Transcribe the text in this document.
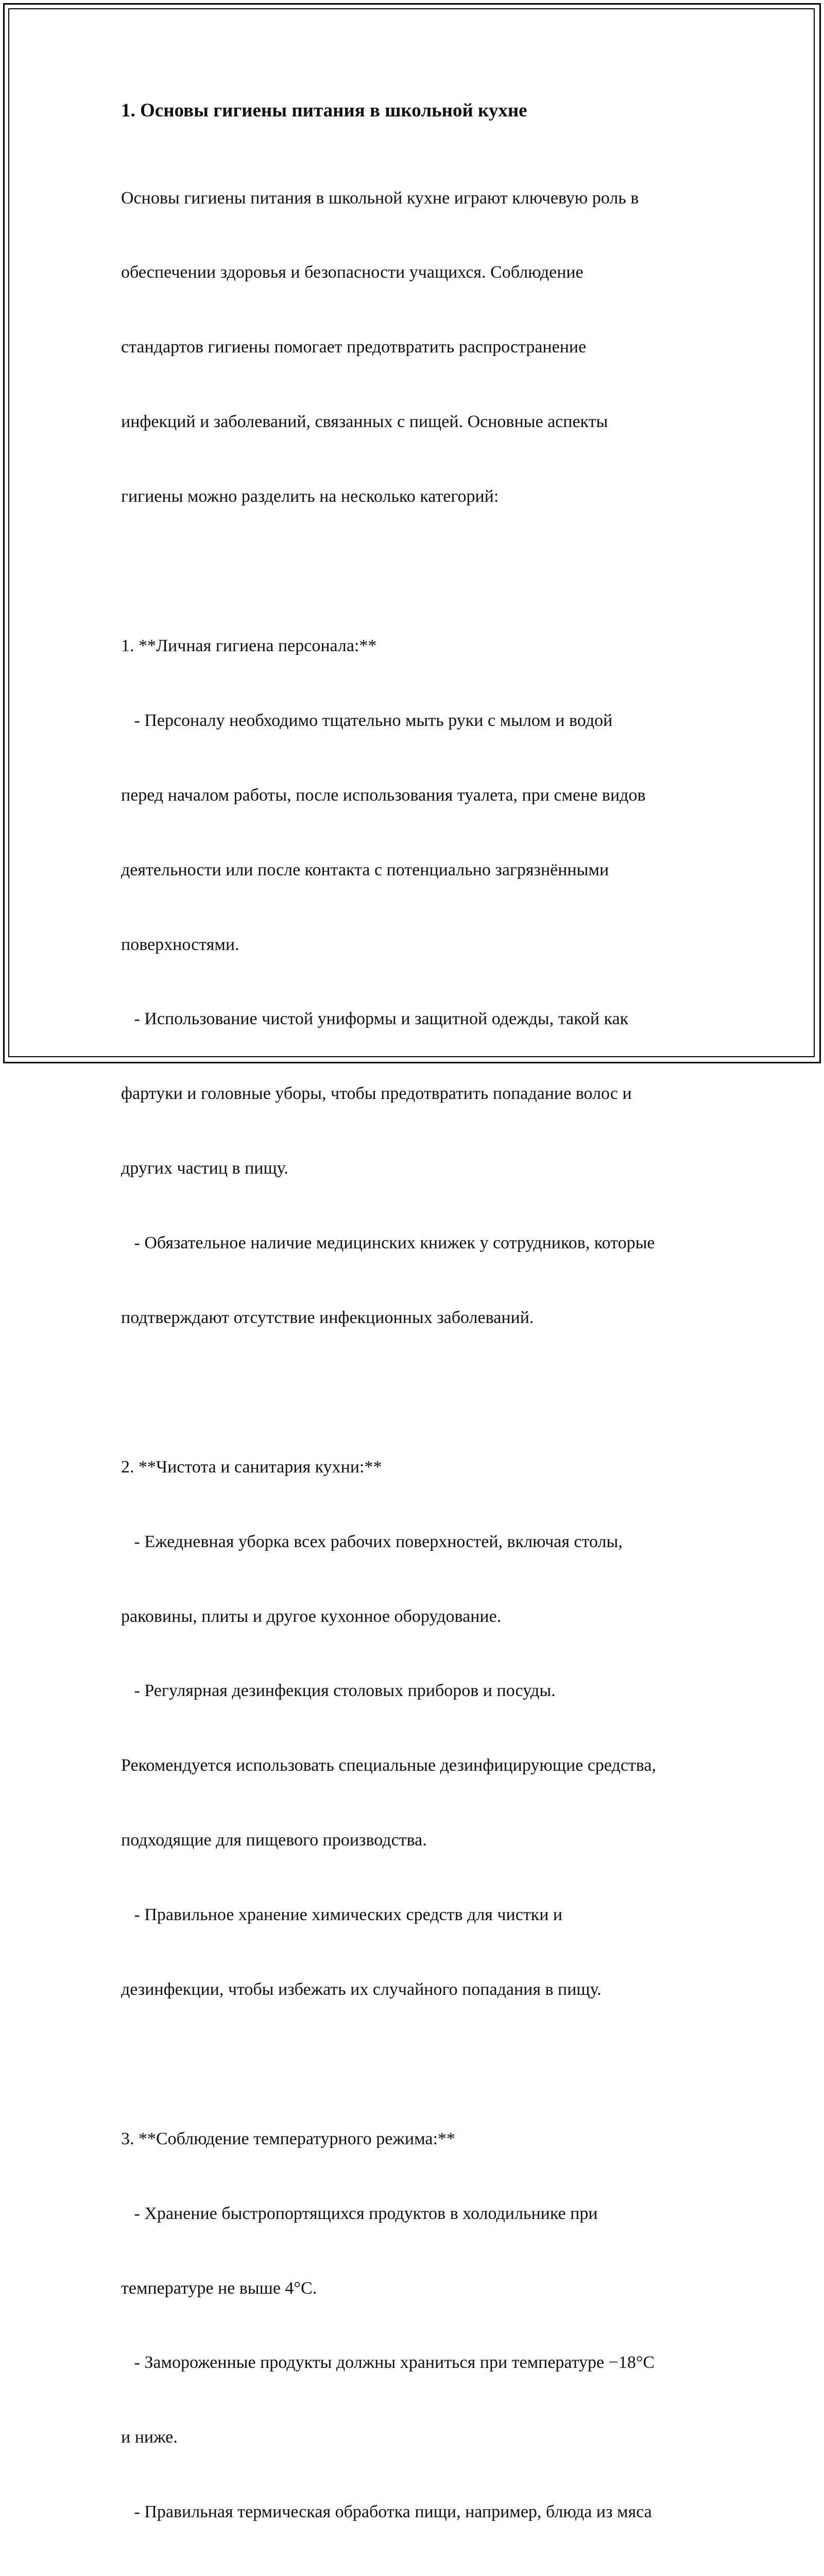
1. Основы гигиены питания в школьной кухне

Основы гигиены питания в школьной кухне играют ключевую роль в

обеспечении здоровья и безопасности учащихся. Соблюдение

стандартов гигиены помогает предотвратить распространение

инфекций и заболеваний, связанных с пищей. Основные аспекты

гигиены можно разделить на несколько категорий:

1. **Личная гигиена персонала:**

- Персоналу необходимо тщательно мыть руки с мылом и водой

перед началом работы, после использования туалета, при смене видов

деятельности или после контакта с потенциально загрязнёнными

поверхностями.

- Использование чистой униформы и защитной одежды, такой как

фартуки и головные уборы, чтобы предотвратить попадание волос и

других частиц в пищу.

- Обязательное наличие медицинских книжек у сотрудников, которые

подтверждают отсутствие инфекционных заболеваний.

2. **Чистота и санитария кухни:**

- Ежедневная уборка всех рабочих поверхностей, включая столы,

раковины, плиты и другое кухонное оборудование.

- Регулярная дезинфекция столовых приборов и посуды.

Рекомендуется использовать специальные дезинфицирующие средства,

подходящие для пищевого производства.

- Правильное хранение химических средств для чистки и

дезинфекции, чтобы избежать их случайного попадания в пищу.

3. **Соблюдение температурного режима:**

- Хранение быстропортящихся продуктов в холодильнике при

температуре не выше 4°C.

- Замороженные продукты должны храниться при температуре −18°C

и ниже.

- Правильная термическая обработка пищи, например, блюда из мяса
